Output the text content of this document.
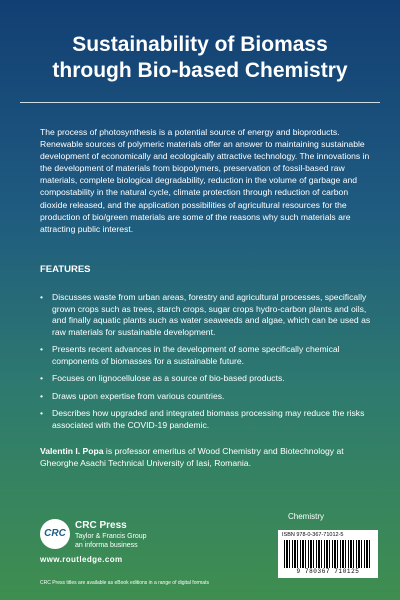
Sustainability of Biomass
through Bio-based Chemistry
The process of photosynthesis is a potential source of energy and bioproducts. Renewable sources of polymeric materials offer an answer to maintaining sustainable development of economically and ecologically attractive technology. The innovations in the development of materials from biopolymers, preservation of fossil-based raw materials, complete biological degradability, reduction in the volume of garbage and compostability in the natural cycle, climate protection through reduction of carbon dioxide released, and the application possibilities of agricultural resources for the production of bio/green materials are some of the reasons why such materials are attracting public interest.
FEATURES
• Discusses waste from urban areas, forestry and agricultural processes, specifically grown crops such as trees, starch crops, sugar crops hydro-carbon plants and oils, and finally aquatic plants such as water seaweeds and algae, which can be used as raw materials for sustainable development.
• Presents recent advances in the development of some specifically chemical components of biomasses for a sustainable future.
• Focuses on lignocellulose as a source of bio-based products.
• Draws upon expertise from various countries.
• Describes how upgraded and integrated biomass processing may reduce the risks associated with the COVID-19 pandemic.
Valentin I. Popa is professor emeritus of Wood Chemistry and Biotechnology at Gheorghe Asachi Technical University of Iasi, Romania.
CRC
CRC Press
Taylor & Francis Group
an informa business
www.routledge.com
CRC Press titles are available as eBook editions in a range of digital formats
Chemistry
ISBN 978-0-367-71012-5
9 780367 710125
